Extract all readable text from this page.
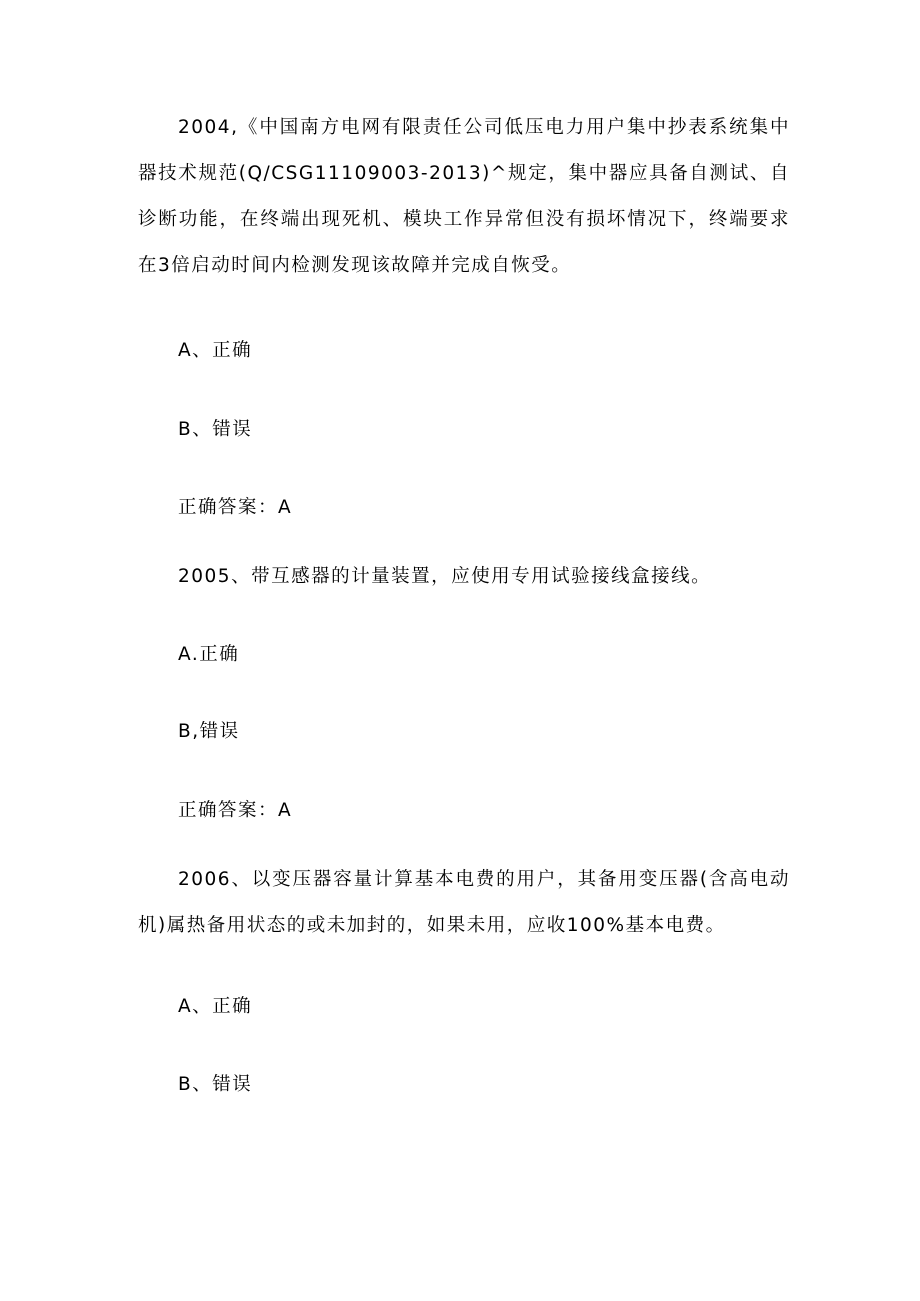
2004,《中国南方电网有限责任公司低压电力用户集中抄表系统集中器技术规范(Q/CSG11109003-2013)^规定，集中器应具备自测试、自诊断功能，在终端出现死机、模块工作异常但没有损坏情况下，终端要求在3倍启动时间内检测发现该故障并完成自恢受。

A、正确

B、错误

正确答案：A

2005、带互感器的计量装置，应使用专用试验接线盒接线。

A.正确

B,错误

正确答案：A

2006、以变压器容量计算基本电费的用户，其备用变压器(含高电动机)属热备用状态的或未加封的，如果未用，应收100%基本电费。

A、正确

B、错误
